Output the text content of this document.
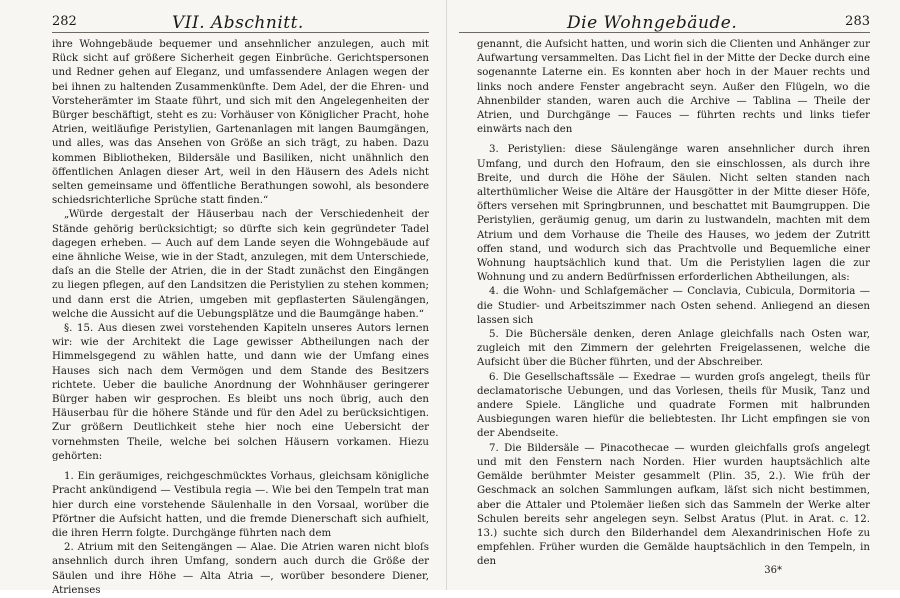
282	VII. Abschnitt.
ihre Wohngebäude bequemer und ansehnlicher anzulegen, auch mit Rück sicht auf größere Sicherheit gegen Einbrüche. Gerichtspersonen und Redner gehen auf Eleganz, und umfassendere Anlagen wegen der bei ihnen zu haltenden Zusammenkünfte. Dem Adel, der die Ehren- und Vorsteherämter im Staate führt, und sich mit den Angelegenheiten der Bürger beschäftigt, steht es zu: Vorhäuser von Königlicher Pracht, hohe Atrien, weitläufige Peristylien, Gartenanlagen mit langen Baumgängen, und alles, was das Ansehen von Größe an sich trägt, zu haben. Dazu kommen Bibliotheken, Bildersäle und Basiliken, nicht unähnlich den öffentlichen Anlagen dieser Art, weil in den Häusern des Adels nicht selten gemeinsame und öffentliche Berathungen sowohl, als besondere schiedsrichterliche Sprüche statt finden.“
„Würde dergestalt der Häuserbau nach der Verschiedenheit der Stände gehörig berücksichtigt; so dürfte sich kein gegründeter Tadel dagegen erheben. — Auch auf dem Lande seyen die Wohngebäude auf eine ähnliche Weise, wie in der Stadt, anzulegen, mit dem Unterschiede, daſs an die Stelle der Atrien, die in der Stadt zunächst den Eingängen zu liegen pflegen, auf den Landsitzen die Peristylien zu stehen kommen; und dann erst die Atrien, umgeben mit gepflasterten Säulengängen, welche die Aussicht auf die Uebungsplätze und die Baumgänge haben.“
§. 15. Aus diesen zwei vorstehenden Kapiteln unseres Autors lernen wir: wie der Architekt die Lage gewisser Abtheilungen nach der Himmelsgegend zu wählen hatte, und dann wie der Umfang eines Hauses sich nach dem Vermögen und dem Stande des Besitzers richtete. Ueber die bauliche Anordnung der Wohnhäuser geringerer Bürger haben wir gesprochen. Es bleibt uns noch übrig, auch den Häuserbau für die höhere Stände und für den Adel zu berücksichtigen. Zur größern Deutlichkeit stehe hier noch eine Uebersicht der vornehmsten Theile, welche bei solchen Häusern vorkamen. Hiezu gehörten:
1. Ein geräumiges, reichgeschmücktes Vorhaus, gleichsam königliche Pracht ankündigend — Vestibula regia —. Wie bei den Tempeln trat man hier durch eine vorstehende Säulenhalle in den Vorsaal, worüber die Pförtner die Aufsicht hatten, und die fremde Dienerschaft sich aufhielt, die ihren Herrn folgte. Durchgänge führten nach dem
2. Atrium mit den Seitengängen — Alae. Die Atrien waren nicht bloſs ansehnlich durch ihren Umfang, sondern auch durch die Größe der Säulen und ihre Höhe — Alta Atria —, worüber besondere Diener, Atrienses
Die Wohngebäude.	283
genannt, die Aufsicht hatten, und worin sich die Clienten und Anhänger zur Aufwartung versammelten. Das Licht fiel in der Mitte der Decke durch eine sogenannte Laterne ein. Es konnten aber hoch in der Mauer rechts und links noch andere Fenster angebracht seyn. Außer den Flügeln, wo die Ahnenbilder standen, waren auch die Archive — Tablina — Theile der Atrien, und Durchgänge — Fauces — führten rechts und links tiefer einwärts nach den
3. Peristylien: diese Säulengänge waren ansehnlicher durch ihren Umfang, und durch den Hofraum, den sie einschlossen, als durch ihre Breite, und durch die Höhe der Säulen. Nicht selten standen nach alterthümlicher Weise die Altäre der Hausgötter in der Mitte dieser Höfe, öfters versehen mit Springbrunnen, und beschattet mit Baumgruppen. Die Peristylien, geräumig genug, um darin zu lustwandeln, machten mit dem Atrium und dem Vorhause die Theile des Hauses, wo jedem der Zutritt offen stand, und wodurch sich das Prachtvolle und Bequemliche einer Wohnung hauptsächlich kund that. Um die Peristylien lagen die zur Wohnung und zu andern Bedürfnissen erforderlichen Abtheilungen, als:
4. die Wohn- und Schlafgemächer — Conclavia, Cubicula, Dormitoria — die Studier- und Arbeitszimmer nach Osten sehend. Anliegend an diesen lassen sich
5. Die Büchersäle denken, deren Anlage gleichfalls nach Osten war, zugleich mit den Zimmern der gelehrten Freigelassenen, welche die Aufsicht über die Bücher führten, und der Abschreiber.
6. Die Gesellschaftssäle — Exedrae — wurden groſs angelegt, theils für declamatorische Uebungen, und das Vorlesen, theils für Musik, Tanz und andere Spiele. Längliche und quadrate Formen mit halbrunden Ausbiegungen waren hiefür die beliebtesten. Ihr Licht empfingen sie von der Abendseite.
7. Die Bildersäle — Pinacothecae — wurden gleichfalls groſs angelegt und mit den Fenstern nach Norden. Hier wurden hauptsächlich alte Gemälde berühmter Meister gesammelt (Plin. 35, 2.). Wie früh der Geschmack an solchen Sammlungen aufkam, läſst sich nicht bestimmen, aber die Attaler und Ptolemäer ließen sich das Sammeln der Werke alter Schulen bereits sehr angelegen seyn. Selbst Aratus (Plut. in Arat. c. 12. 13.) suchte sich durch den Bilderhandel dem Alexandrinischen Hofe zu empfehlen. Früher wurden die Gemälde hauptsächlich in den Tempeln, in den
36*
